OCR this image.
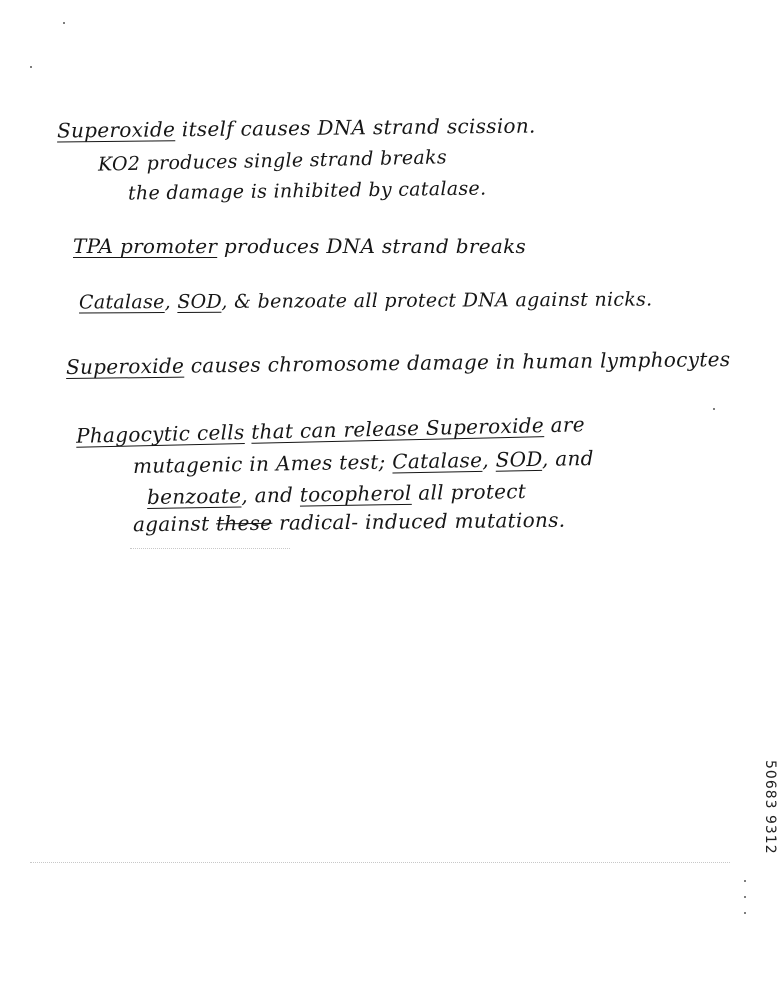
Superoxide itself causes DNA strand scission.
KO2 produces single strand breaks
the damage is inhibited by catalase.
TPA promoter produces DNA strand breaks
Catalase, SOD, & benzoate all protect DNA against nicks.
Superoxide causes chromosome damage in human lymphocytes
Phagocytic cells that can release Superoxide are
mutagenic in Ames test; Catalase, SOD, and
benzoate, and tocopherol all protect
against these radical- induced mutations.
50683 9312
